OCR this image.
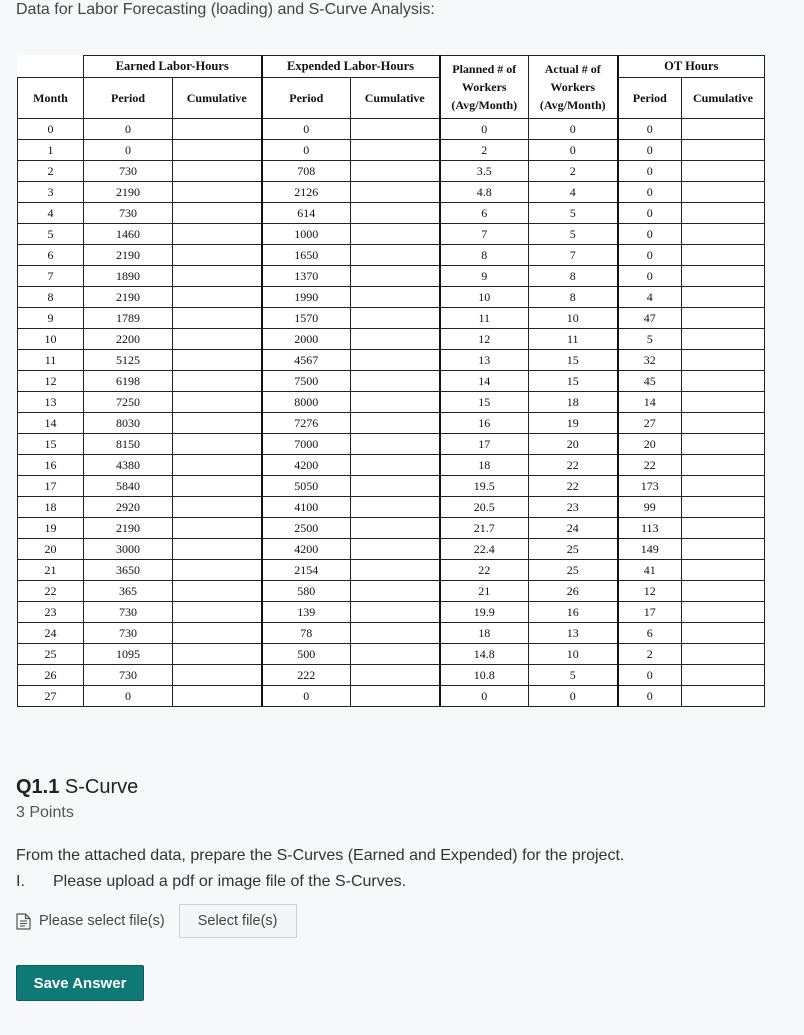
Data for Labor Forecasting (loading) and S-Curve Analysis:
	Earned Labor-Hours		Expended Labor-Hours		Planned # of Workers (Avg/Month)	Actual # of Workers (Avg/Month)	OT Hours	
Month	Period	Cumulative	Period	Cumulative			Period	Cumulative
0	0		0		0	0	0	
1	0		0		2	0	0	
2	730		708		3.5	2	0	
3	2190		2126		4.8	4	0	
4	730		614		6	5	0	
5	1460		1000		7	5	0	
6	2190		1650		8	7	0	
7	1890		1370		9	8	0	
8	2190		1990		10	8	4	
9	1789		1570		11	10	47	
10	2200		2000		12	11	5	
11	5125		4567		13	15	32	
12	6198		7500		14	15	45	
13	7250		8000		15	18	14	
14	8030		7276		16	19	27	
15	8150		7000		17	20	20	
16	4380		4200		18	22	22	
17	5840		5050		19.5	22	173	
18	2920		4100		20.5	23	99	
19	2190		2500		21.7	24	113	
20	3000		4200		22.4	25	149	
21	3650		2154		22	25	41	
22	365		580		21	26	12	
23	730		139		19.9	16	17	
24	730		78		18	13	6	
25	1095		500		14.8	10	2	
26	730		222		10.8	5	0	
27	0		0		0	0	0	
Q1.1 S-Curve
3 Points
From the attached data, prepare the S-Curves (Earned and Expended) for the project.
I. Please upload a pdf or image file of the S-Curves.
Please select file(s)	Select file(s)
Save Answer
